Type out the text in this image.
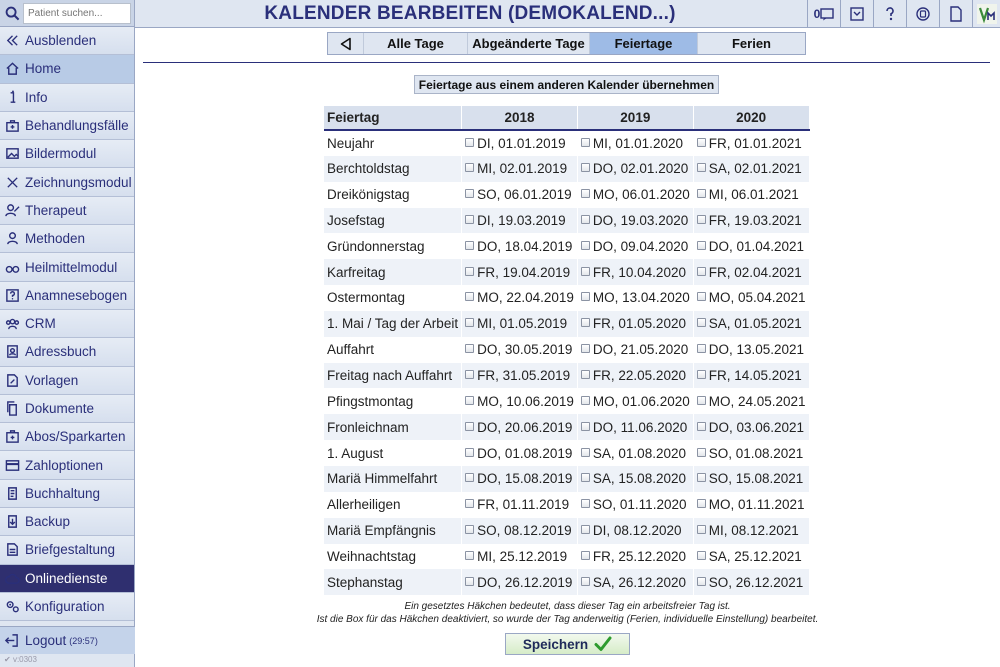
Patient suchen...
Ausblenden
Home
Info
Behandlungsfälle
Bildermodul
Zeichnungsmodul
Therapeut
Methoden
Heilmittelmodul
Anamnesebogen
CRM
Adressbuch
Vorlagen
Dokumente
Abos/Sparkarten
Zahloptionen
Buchhaltung
Backup
Briefgestaltung
Onlinedienste
Konfiguration
Logout (29:57)
✔ v:0303
KALENDER BEARBEITEN (DEMOKALEND...)	0
Alle Tage	Abgeänderte Tage	Feiertage	Ferien
Feiertage aus einem anderen Kalender übernehmen
Feiertag	2018	2019	2020
Neujahr	DI, 01.01.2019	MI, 01.01.2020	FR, 01.01.2021
Berchtoldstag	MI, 02.01.2019	DO, 02.01.2020	SA, 02.01.2021
Dreikönigstag	SO, 06.01.2019	MO, 06.01.2020	MI, 06.01.2021
Josefstag	DI, 19.03.2019	DO, 19.03.2020	FR, 19.03.2021
Gründonnerstag	DO, 18.04.2019	DO, 09.04.2020	DO, 01.04.2021
Karfreitag	FR, 19.04.2019	FR, 10.04.2020	FR, 02.04.2021
Ostermontag	MO, 22.04.2019	MO, 13.04.2020	MO, 05.04.2021
1. Mai / Tag der Arbeit	MI, 01.05.2019	FR, 01.05.2020	SA, 01.05.2021
Auffahrt	DO, 30.05.2019	DO, 21.05.2020	DO, 13.05.2021
Freitag nach Auffahrt	FR, 31.05.2019	FR, 22.05.2020	FR, 14.05.2021
Pfingstmontag	MO, 10.06.2019	MO, 01.06.2020	MO, 24.05.2021
Fronleichnam	DO, 20.06.2019	DO, 11.06.2020	DO, 03.06.2021
1. August	DO, 01.08.2019	SA, 01.08.2020	SO, 01.08.2021
Mariä Himmelfahrt	DO, 15.08.2019	SA, 15.08.2020	SO, 15.08.2021
Allerheiligen	FR, 01.11.2019	SO, 01.11.2020	MO, 01.11.2021
Mariä Empfängnis	SO, 08.12.2019	DI, 08.12.2020	MI, 08.12.2021
Weihnachtstag	MI, 25.12.2019	FR, 25.12.2020	SA, 25.12.2021
Stephanstag	DO, 26.12.2019	SA, 26.12.2020	SO, 26.12.2021
Ein gesetztes Häkchen bedeutet, dass dieser Tag ein arbeitsfreier Tag ist.
Ist die Box für das Häkchen deaktiviert, so wurde der Tag anderweitig (Ferien, individuelle Einstellung) bearbeitet.
Speichern
